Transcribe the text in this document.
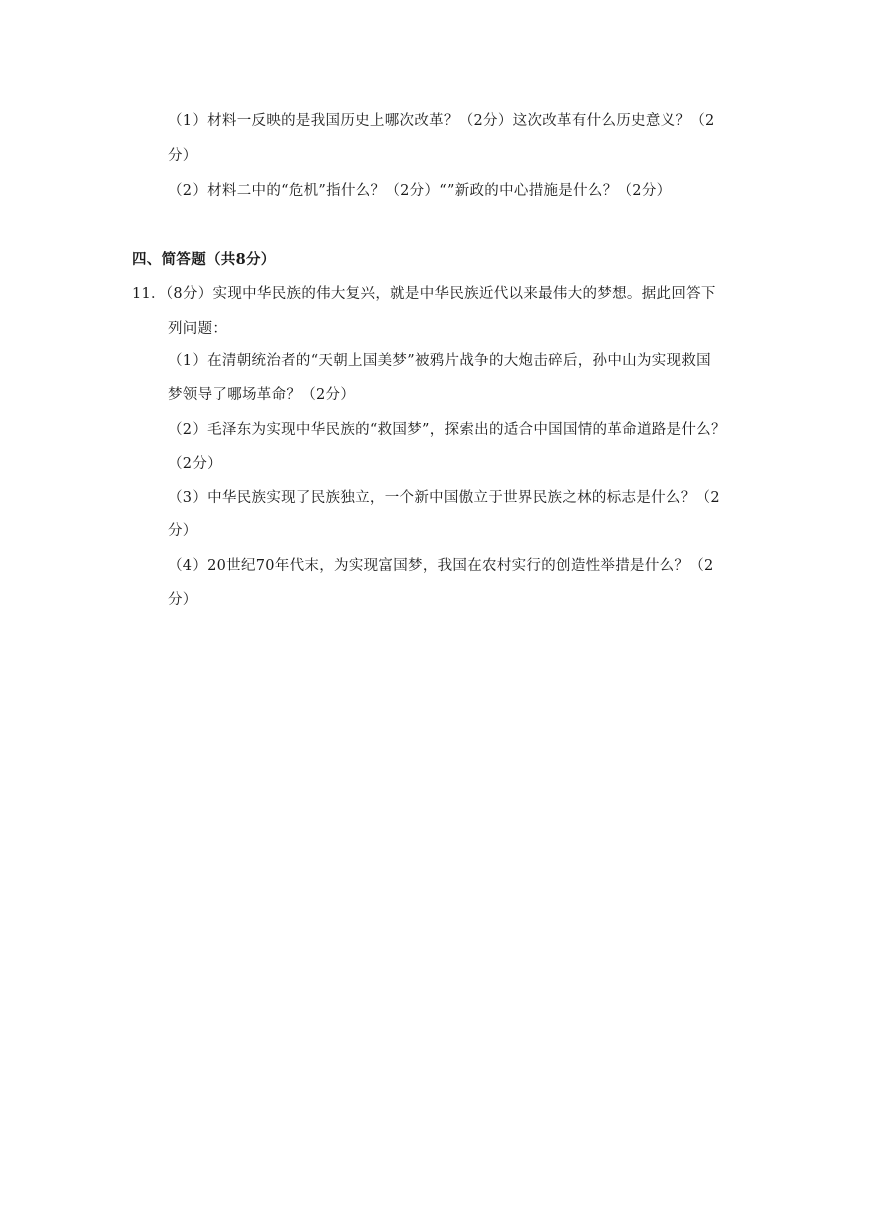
（1）材料一反映的是我国历史上哪次改革？（2分）这次改革有什么历史意义？（2
分）
（2）材料二中的“危机”指什么？（2分）“”新政的中心措施是什么？（2分）
四、简答题（共8分）
11．（8分）实现中华民族的伟大复兴，就是中华民族近代以来最伟大的梦想。据此回答下
列问题：
（1）在清朝统治者的“天朝上国美梦”被鸦片战争的大炮击碎后，孙中山为实现救国
梦领导了哪场革命？（2分）
（2）毛泽东为实现中华民族的“救国梦”，探索出的适合中国国情的革命道路是什么？
（2分）
（3）中华民族实现了民族独立，一个新中国傲立于世界民族之林的标志是什么？（2
分）
（4）20世纪70年代末，为实现富国梦，我国在农村实行的创造性举措是什么？（2
分）
